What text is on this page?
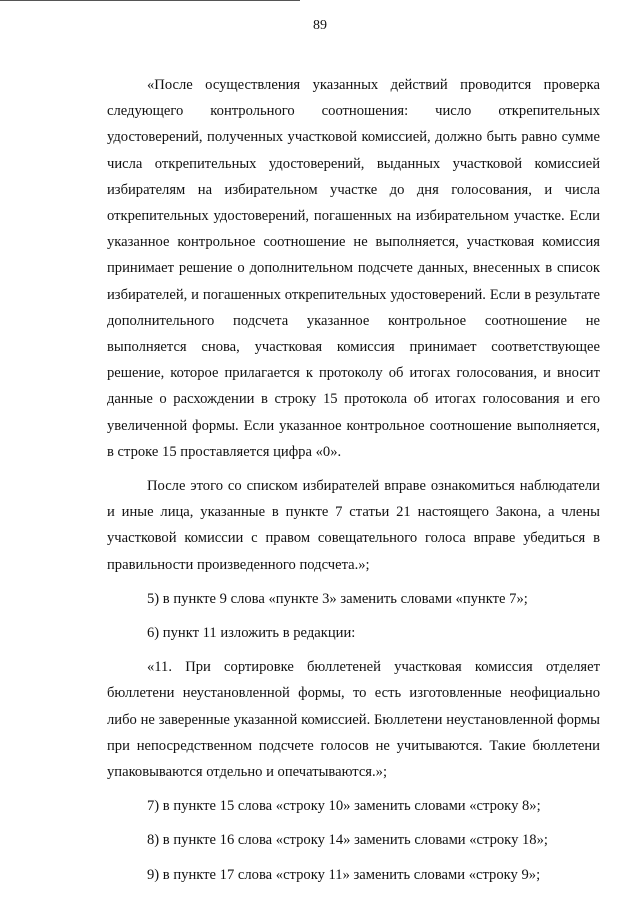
89

«После осуществления указанных действий проводится проверка следующего контрольного соотношения: число открепительных удостоверений, полученных участковой комиссией, должно быть равно сумме числа открепительных удостоверений, выданных участковой комиссией избирателям на избирательном участке до дня голосования, и числа открепительных удостоверений, погашенных на избирательном участке. Если указанное контрольное соотношение не выполняется, участковая комиссия принимает решение о дополнительном подсчете данных, внесенных в список избирателей, и погашенных открепительных удостоверений. Если в результате дополнительного подсчета указанное контрольное соотношение не выполняется снова, участковая комиссия принимает соответствующее решение, которое прилагается к протоколу об итогах голосования, и вносит данные о расхождении в строку 15 протокола об итогах голосования и его увеличенной формы. Если указанное контрольное соотношение выполняется, в строке 15 проставляется цифра «0».

После этого со списком избирателей вправе ознакомиться наблюдатели и иные лица, указанные в пункте 7 статьи 21 настоящего Закона, а члены участковой комиссии с правом совещательного голоса вправе убедиться в правильности произведенного подсчета.»;

5) в пункте 9 слова «пункте 3» заменить словами «пункте 7»;

6) пункт 11 изложить в редакции:

«11. При сортировке бюллетеней участковая комиссия отделяет бюллетени неустановленной формы, то есть изготовленные неофициально либо не заверенные указанной комиссией. Бюллетени неустановленной формы при непосредственном подсчете голосов не учитываются. Такие бюллетени упаковываются отдельно и опечатываются.»;

7) в пункте 15 слова «строку 10» заменить словами «строку 8»;

8) в пункте 16 слова «строку 14» заменить словами «строку 18»;

9) в пункте 17 слова «строку 11» заменить словами «строку 9»;
